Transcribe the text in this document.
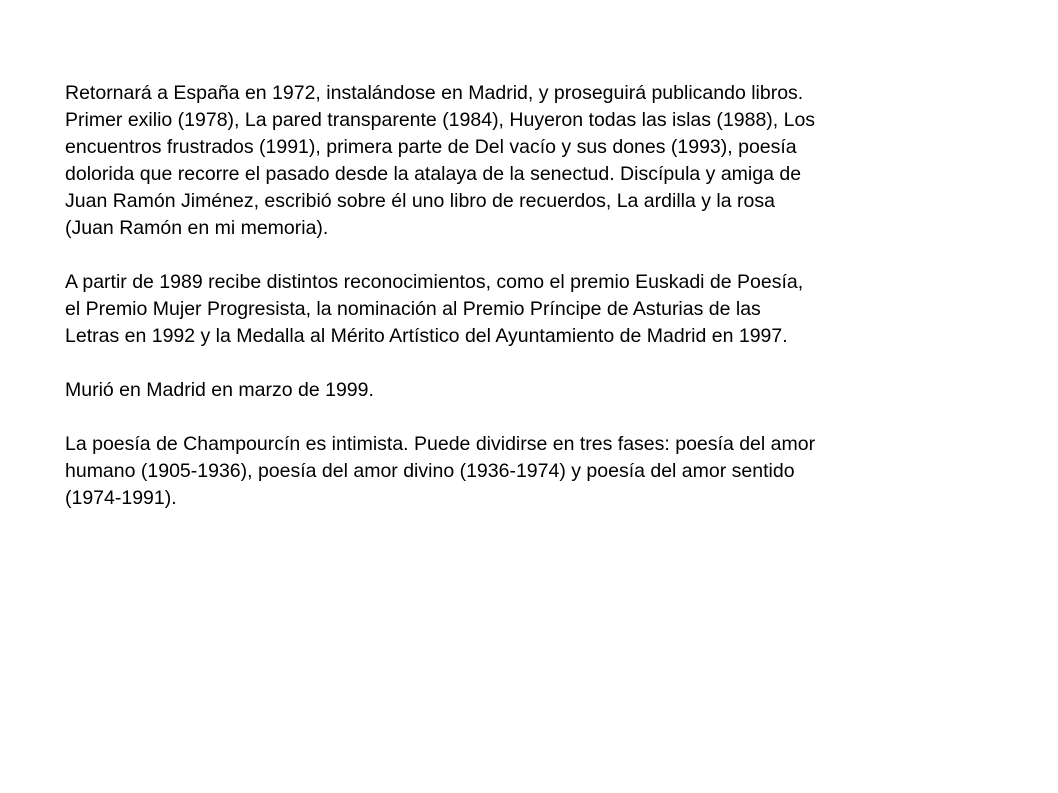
Retornará a España en 1972, instalándose en Madrid, y proseguirá publicando libros.
Primer exilio (1978), La pared transparente (1984), Huyeron todas las islas (1988), Los
encuentros frustrados (1991), primera parte de Del vacío y sus dones (1993), poesía
dolorida que recorre el pasado desde la atalaya de la senectud. Discípula y amiga de
Juan Ramón Jiménez, escribió sobre él uno libro de recuerdos, La ardilla y la rosa
(Juan Ramón en mi memoria).

A partir de 1989 recibe distintos reconocimientos, como el premio Euskadi de Poesía,
el Premio Mujer Progresista, la nominación al Premio Príncipe de Asturias de las
Letras en 1992 y la Medalla al Mérito Artístico del Ayuntamiento de Madrid en 1997.

Murió en Madrid en marzo de 1999.

La poesía de Champourcín es intimista. Puede dividirse en tres fases: poesía del amor
humano (1905-1936), poesía del amor divino (1936-1974) y poesía del amor sentido
(1974-1991).
